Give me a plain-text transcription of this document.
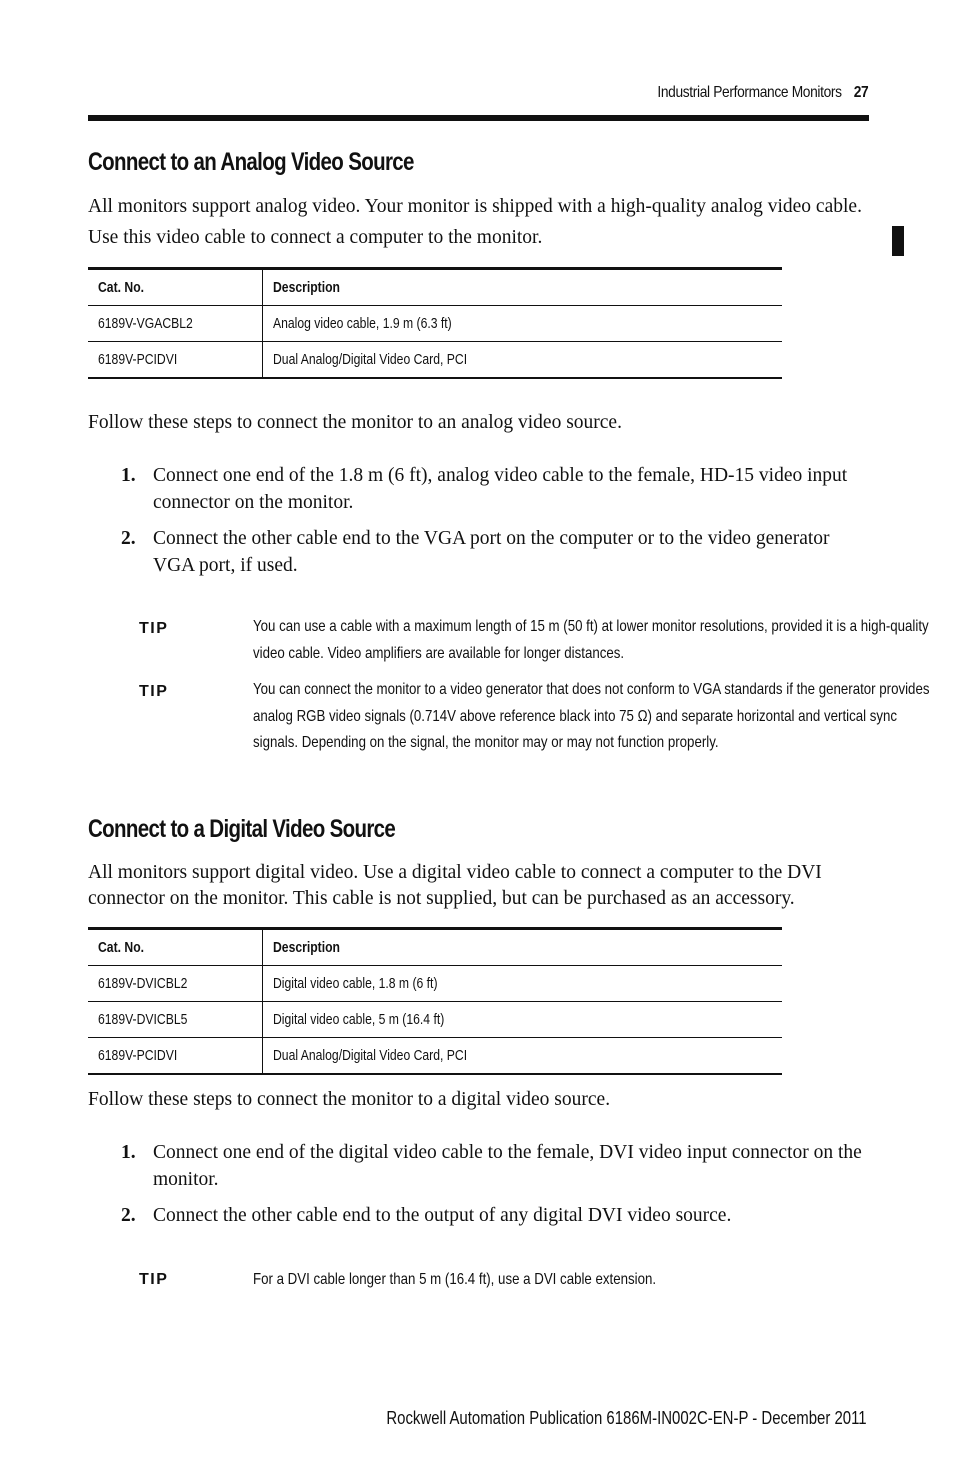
Industrial Performance Monitors 27
Connect to an Analog Video Source

All monitors support analog video. Your monitor is shipped with a high-quality analog video cable. Use this video cable to connect a computer to the monitor.

Cat. No.	Description
6189V-VGACBL2	Analog video cable, 1.9 m (6.3 ft)
6189V-PCIDVI	Dual Analog/Digital Video Card, PCI

Follow these steps to connect the monitor to an analog video source.

1. Connect one end of the 1.8 m (6 ft), analog video cable to the female, HD-15 video input connector on the monitor.
2. Connect the other cable end to the VGA port on the computer or to the video generator VGA port, if used.
TIP	You can use a cable with a maximum length of 15 m (50 ft) at lower monitor resolutions, provided it is a high-quality video cable. Video amplifiers are available for longer distances.
TIP	You can connect the monitor to a video generator that does not conform to VGA standards if the generator provides analog RGB video signals (0.714V above reference black into 75 Ω) and separate horizontal and vertical sync signals. Depending on the signal, the monitor may or may not function properly.
Connect to a Digital Video Source

All monitors support digital video. Use a digital video cable to connect a computer to the DVI connector on the monitor. This cable is not supplied, but can be purchased as an accessory.

Cat. No.	Description
6189V-DVICBL2	Digital video cable, 1.8 m (6 ft)
6189V-DVICBL5	Digital video cable, 5 m (16.4 ft)
6189V-PCIDVI	Dual Analog/Digital Video Card, PCI

Follow these steps to connect the monitor to a digital video source.

1. Connect one end of the digital video cable to the female, DVI video input connector on the monitor.
2. Connect the other cable end to the output of any digital DVI video source.
TIP	For a DVI cable longer than 5 m (16.4 ft), use a DVI cable extension.
Rockwell Automation Publication 6186M-IN002C-EN-P - December 2011
